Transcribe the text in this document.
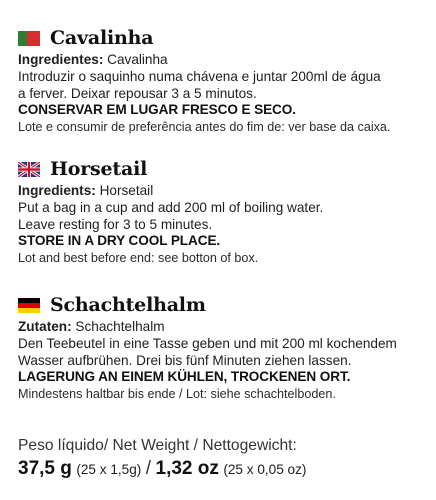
Cavalinha
Ingredientes: Cavalinha
Introduzir o saquinho numa chávena e juntar 200ml de água
a ferver. Deixar repousar 3 a 5 minutos.
CONSERVAR EM LUGAR FRESCO E SECO.
Lote e consumir de preferência antes do fim de: ver base da caixa.
Horsetail
Ingredients: Horsetail
Put a bag in a cup and add 200 ml of boiling water.
Leave resting for 3 to 5 minutes.
STORE IN A DRY COOL PLACE.
Lot and best before end: see botton of box.
Schachtelhalm
Zutaten: Schachtelhalm
Den Teebeutel in eine Tasse geben und mit 200 ml kochendem
Wasser aufbrühen. Drei bis fünf Minuten ziehen lassen.
LAGERUNG AN EINEM KÜHLEN, TROCKENEN ORT.
Mindestens haltbar bis ende / Lot: siehe schachtelboden.
Peso líquido/ Net Weight / Nettogewicht:
37,5 g (25 x 1,5g) / 1,32 oz (25 x 0,05 oz)
